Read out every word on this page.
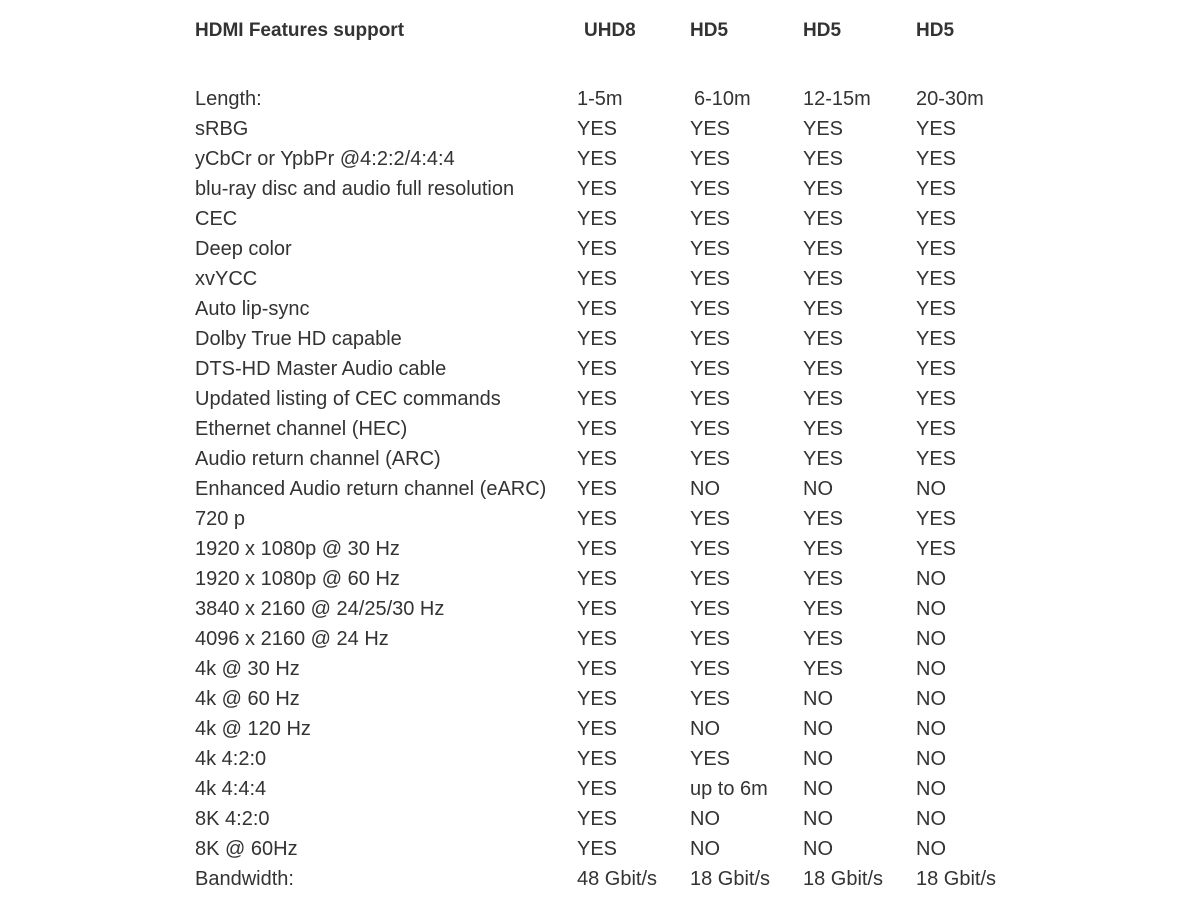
HDMI Features support	UHD8	HD5	HD5	HD5
Length:	1-5m	6-10m	12-15m	20-30m
sRBG	YES	YES	YES	YES
yCbCr or YpbPr @4:2:2/4:4:4	YES	YES	YES	YES
blu-ray disc and audio full resolution	YES	YES	YES	YES
CEC	YES	YES	YES	YES
Deep color	YES	YES	YES	YES
xvYCC	YES	YES	YES	YES
Auto lip-sync	YES	YES	YES	YES
Dolby True HD capable	YES	YES	YES	YES
DTS-HD Master Audio cable	YES	YES	YES	YES
Updated listing of CEC commands	YES	YES	YES	YES
Ethernet channel (HEC)	YES	YES	YES	YES
Audio return channel (ARC)	YES	YES	YES	YES
Enhanced Audio return channel (eARC)	YES	NO	NO	NO
720 p	YES	YES	YES	YES
1920 x 1080p @ 30 Hz	YES	YES	YES	YES
1920 x 1080p @ 60 Hz	YES	YES	YES	NO
3840 x 2160 @ 24/25/30 Hz	YES	YES	YES	NO
4096 x 2160 @ 24 Hz	YES	YES	YES	NO
4k @ 30 Hz	YES	YES	YES	NO
4k @ 60 Hz	YES	YES	NO	NO
4k @ 120 Hz	YES	NO	NO	NO
4k 4:2:0	YES	YES	NO	NO
4k 4:4:4	YES	up to 6m	NO	NO
8K 4:2:0	YES	NO	NO	NO
8K @ 60Hz	YES	NO	NO	NO
Bandwidth:	48 Gbit/s	18 Gbit/s	18 Gbit/s	18 Gbit/s
